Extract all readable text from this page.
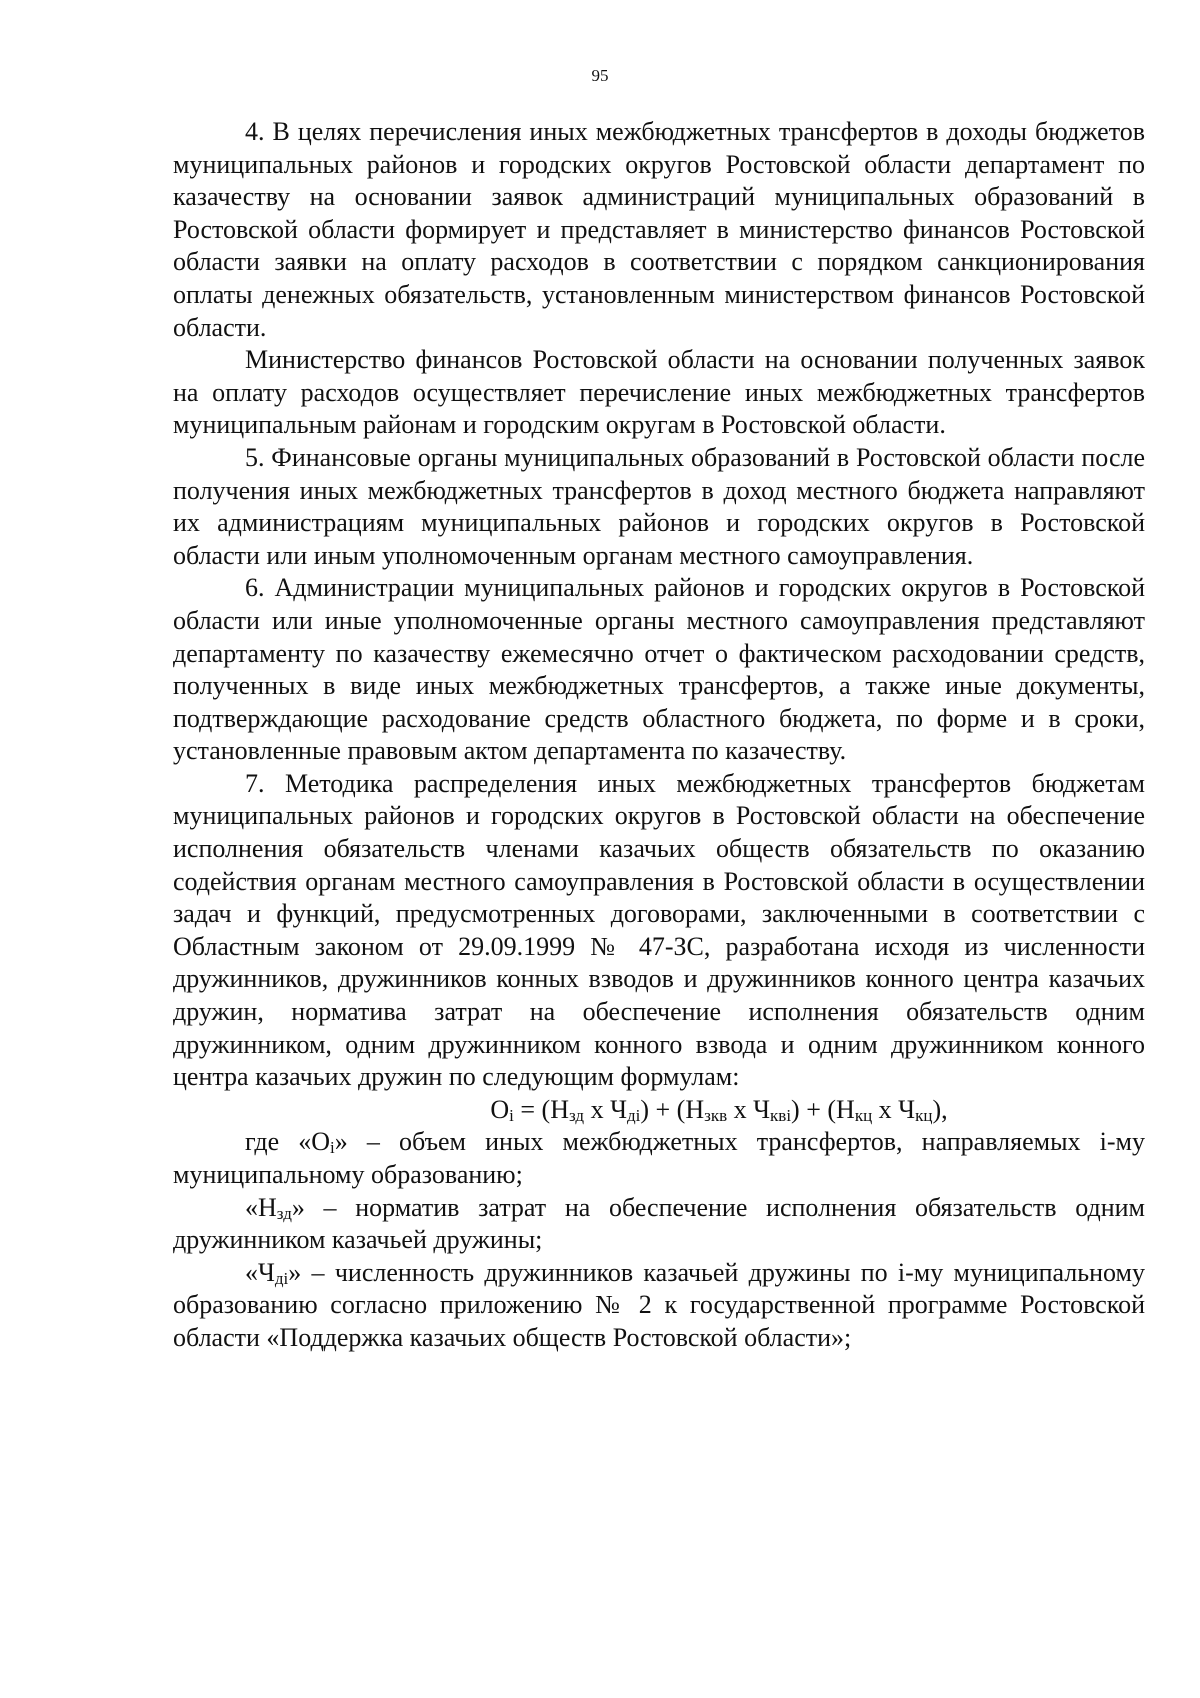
95

4. В целях перечисления иных межбюджетных трансфертов в доходы бюджетов муниципальных районов и городских округов Ростовской области департамент по казачеству на основании заявок администраций муниципальных образований в Ростовской области формирует и представляет в министерство финансов Ростовской области заявки на оплату расходов в соответствии с порядком санкционирования оплаты денежных обязательств, установленным министерством финансов Ростовской области.

Министерство финансов Ростовской области на основании полученных заявок на оплату расходов осуществляет перечисление иных межбюджетных трансфертов муниципальным районам и городским округам в Ростовской области.

5. Финансовые органы муниципальных образований в Ростовской области после получения иных межбюджетных трансфертов в доход местного бюджета направляют их администрациям муниципальных районов и городских округов в Ростовской области или иным уполномоченным органам местного самоуправления.

6. Администрации муниципальных районов и городских округов в Ростовской области или иные уполномоченные органы местного самоуправления представляют департаменту по казачеству ежемесячно отчет о фактическом расходовании средств, полученных в виде иных межбюджетных трансфертов, а также иные документы, подтверждающие расходование средств областного бюджета, по форме и в сроки, установленные правовым актом департамента по казачеству.

7. Методика распределения иных межбюджетных трансфертов бюджетам муниципальных районов и городских округов в Ростовской области на обеспечение исполнения обязательств членами казачьих обществ обязательств по оказанию содействия органам местного самоуправления в Ростовской области в осуществлении задач и функций, предусмотренных договорами, заключенными в соответствии с Областным законом от 29.09.1999 № 47-ЗС, разработана исходя из численности дружинников, дружинников конных взводов и дружинников конного центра казачьих дружин, норматива затрат на обеспечение исполнения обязательств одним дружинником, одним дружинником конного взвода и одним дружинником конного центра казачьих дружин по следующим формулам:

$O_i = (Н_{зд}$ х $Ч_{дi}) + (Н_{зкв}$ х $Ч_{квi}) + (Н_{кц}$ х $Ч_{кц}$),

где «$O_i$» – объем иных межбюджетных трансфертов, направляемых i-му муниципальному образованию;

«$Н_{зд}$» – норматив затрат на обеспечение исполнения обязательств одним дружинником казачьей дружины;

«$Ч_{дi}$» – численность дружинников казачьей дружины по i-му муниципальному образованию согласно приложению № 2 к государственной программе Ростовской области «Поддержка казачьих обществ Ростовской области»;
